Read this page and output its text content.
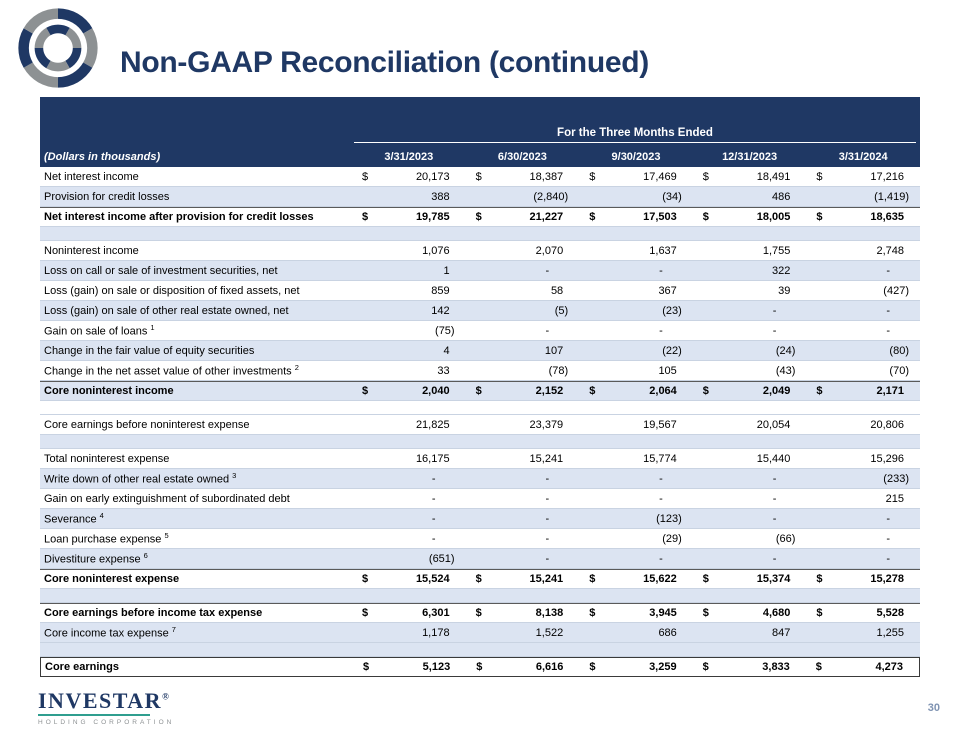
Non-GAAP Reconciliation (continued)
For the Three Months Ended
(Dollars in thousands)	3/31/2023	6/30/2023	9/30/2023	12/31/2023	3/31/2024
Net interest income	$	20,173 $	18,387 $	17,469 $	18,491 $	17,216
Provision for credit losses	388	(2,840)	(34)	486	(1,419)
Net interest income after provision for credit losses	$	19,785 $	21,227 $	17,503 $	18,005 $	18,635
Noninterest income	1,076	2,070	1,637	1,755	2,748
Loss on call or sale of investment securities, net	1	-	-	322	-
Loss (gain) on sale or disposition of fixed assets, net	859	58	367	39	(427)
Loss (gain) on sale of other real estate owned, net	142	(5)	(23)	-	-
Gain on sale of loans $^1$	(75)	-	-	-	-
Change in the fair value of equity securities	4	107	(22)	(24)	(80)
Change in the net asset value of other investments $^2$	33	(78)	105	(43)	(70)
Core noninterest income	$	2,040 $	2,152 $	2,064 $	2,049 $	2,171
Core earnings before noninterest expense	21,825	23,379	19,567	20,054	20,806
Total noninterest expense	16,175	15,241	15,774	15,440	15,296
Write down of other real estate owned $^3$	-	-	-	-	(233)
Gain on early extinguishment of subordinated debt	-	-	-	-	215
Severance $^4$	-	-	(123)	-	-
Loan purchase expense $^5$	-	-	(29)	(66)	-
Divestiture expense $^6$	(651)	-	-	-	-
Core noninterest expense	$	15,524 $	15,241 $	15,622 $	15,374 $	15,278
Core earnings before income tax expense	$	6,301 $	8,138 $	3,945 $	4,680 $	5,528
Core income tax expense $^7$	1,178	1,522	686	847	1,255
Core earnings	$	5,123 $	6,616 $	3,259 $	3,833 $	4,273
INVESTAR®
HOLDING CORPORATION
30
